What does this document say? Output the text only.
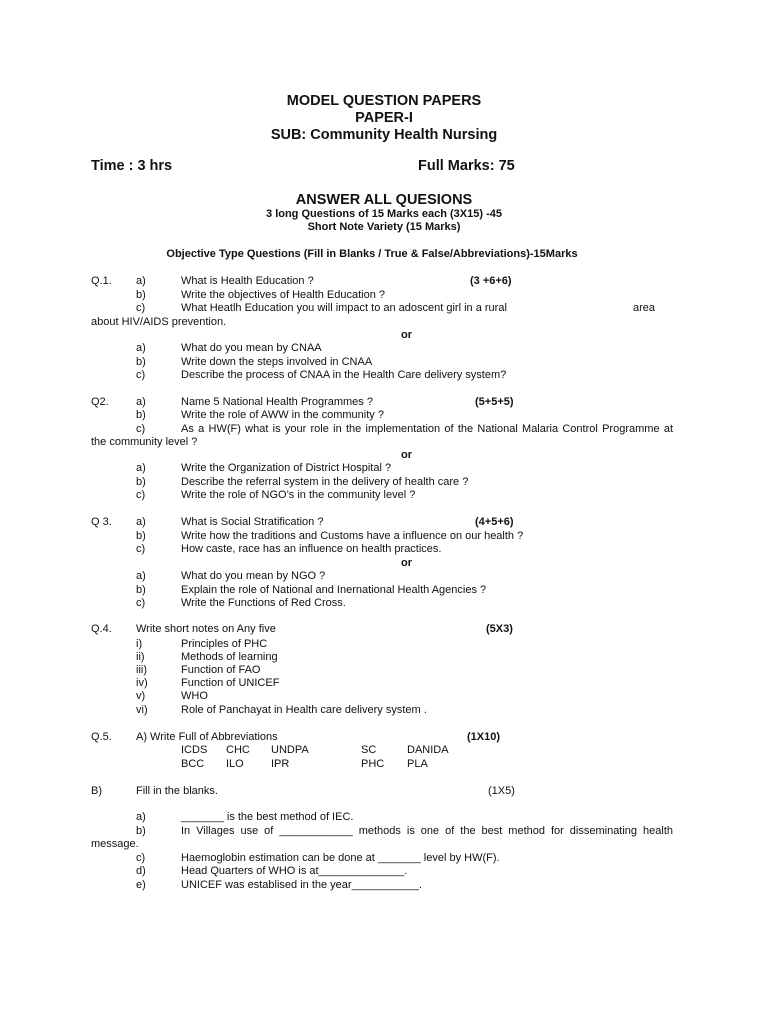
MODEL QUESTION PAPERS
PAPER-I
SUB: Community Health Nursing
Time : 3 hrs	Full Marks: 75
ANSWER ALL QUESIONS
3 long Questions of 15 Marks each (3X15) -45
Short Note Variety (15 Marks)
Objective Type Questions (Fill in Blanks / True & False/Abbreviations)-15Marks
Q.1.	(3 +6+6)
a)	What is Health Education ?
b)	Write the objectives of Health Education ?
c)	What Heatlh Education you will impact to an adoscent girl in a rural	area
about HIV/AIDS prevention.
or
a)	What do you mean by CNAA
b)	Write down the steps involved in CNAA
c)	Describe the process of CNAA in the Health Care delivery system?
Q2.	(5+5+5)
a)	Name 5 National Health Programmes ?
b)	Write the role of AWW in the community ?
c)	As a HW(F) what is your role in the implementation of the National Malaria Control Programme at
the community level ?
or
a)	Write the Organization of District Hospital ?
b)	Describe the referral system in the delivery of health care ?
c)	Write the role of NGO’s in the community level ?
Q 3.	(4+5+6)
a)	What is Social Stratification ?
b)	Write how the traditions and Customs have a influence on our health ?
c)	How caste, race has an influence on health practices.
or
a)	What do you mean by NGO ?
b)	Explain the role of National and Inernational Health Agencies ?
c)	Write the Functions of Red Cross.
Q.4. Write short notes on Any five	(5X3)
i)	Principles of PHC
ii)	Methods of learning
iii)	Function of FAO
iv)	Function of UNICEF
v)	WHO
vi)	Role of Panchayat in Health care delivery system .
Q.5. A) Write Full of Abbreviations	(1X10)
ICDS CHC UNDPA	SC	DANIDA
BCC ILO IPR	PHC PLA
B)	Fill in the blanks.	(1X5)
a)	_______ is the best method of IEC.
b)	In Villages use of ____________ methods is one of the best method for disseminating health
message.
c)	Haemoglobin estimation can be done at _______ level by HW(F).
d)	Head Quarters of WHO is at______________.
e)	UNICEF was establised in the year___________.
